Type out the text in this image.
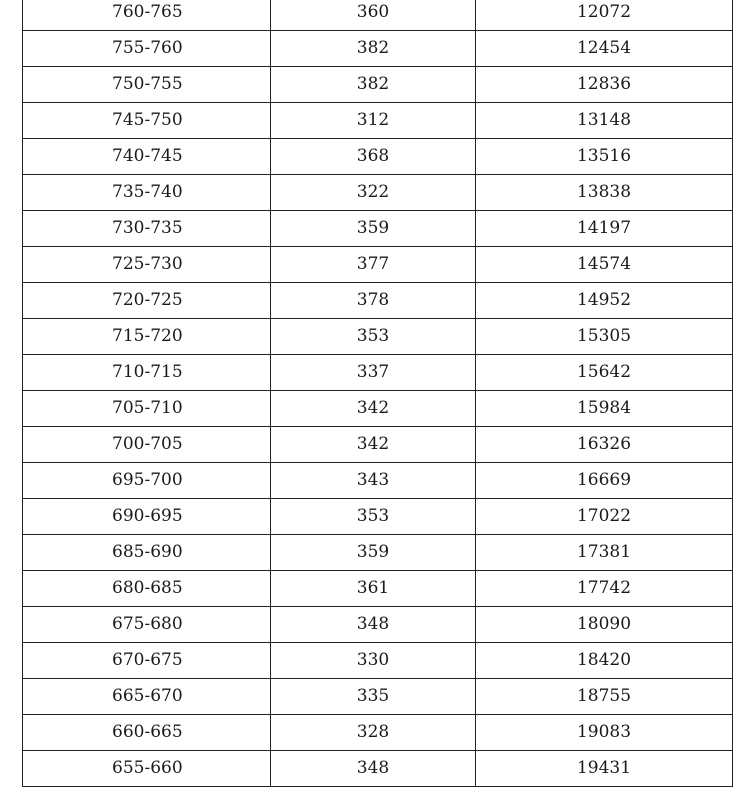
760-765	360	12072
755-760	382	12454
750-755	382	12836
745-750	312	13148
740-745	368	13516
735-740	322	13838
730-735	359	14197
725-730	377	14574
720-725	378	14952
715-720	353	15305
710-715	337	15642
705-710	342	15984
700-705	342	16326
695-700	343	16669
690-695	353	17022
685-690	359	17381
680-685	361	17742
675-680	348	18090
670-675	330	18420
665-670	335	18755
660-665	328	19083
655-660	348	19431
